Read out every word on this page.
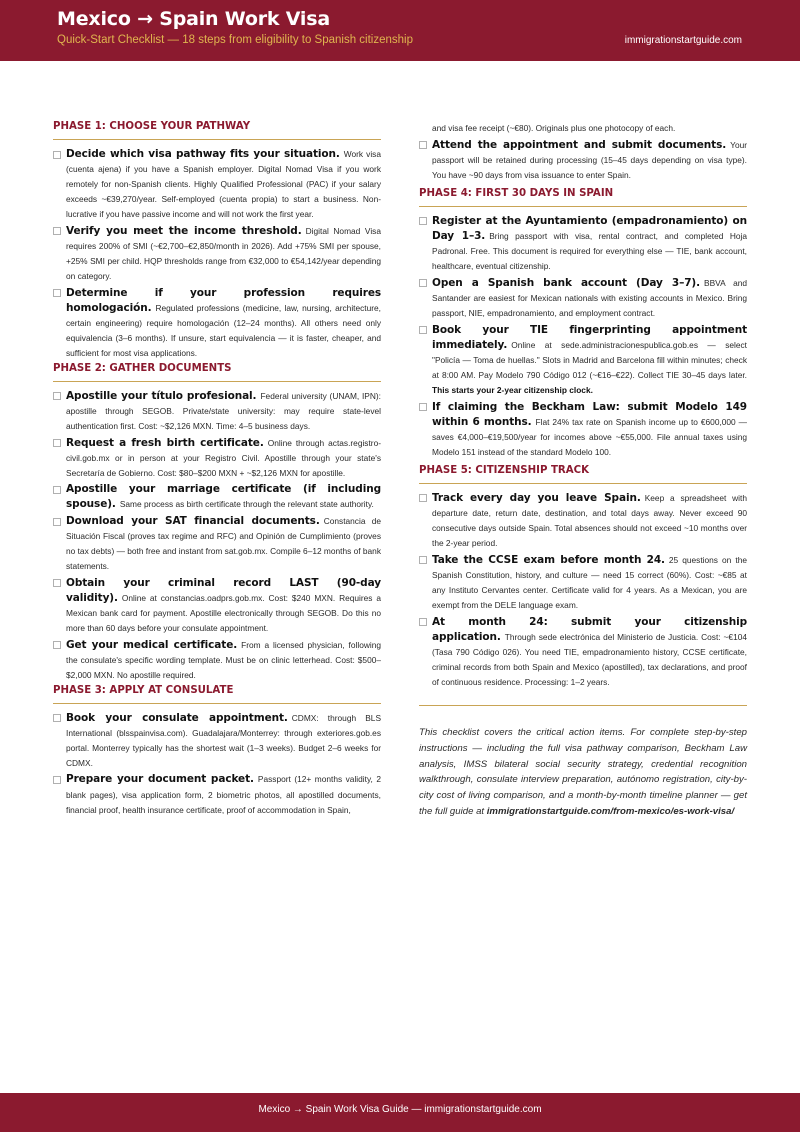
Mexico → Spain Work Visa
Quick-Start Checklist — 18 steps from eligibility to Spanish citizenship	immigrationstartguide.com
PHASE 1: CHOOSE YOUR PATHWAY
Decide which visa pathway fits your situation. Work visa (cuenta ajena) if you have a Spanish employer. Digital Nomad Visa if you work remotely for non-Spanish clients. Highly Qualified Professional (PAC) if your salary exceeds ~€39,270/year. Self-employed (cuenta propia) to start a business. Non-lucrative if you have passive income and will not work the first year.
Verify you meet the income threshold. Digital Nomad Visa requires 200% of SMI (~€2,700–€2,850/month in 2026). Add +75% SMI per spouse, +25% SMI per child. HQP thresholds range from €32,000 to €54,142/year depending on category.
Determine if your profession requires homologación. Regulated professions (medicine, law, nursing, architecture, certain engineering) require homologación (12–24 months). All others need only equivalencia (3–6 months). If unsure, start equivalencia — it is faster, cheaper, and sufficient for most visa applications.
PHASE 2: GATHER DOCUMENTS
Apostille your título profesional. Federal university (UNAM, IPN): apostille through SEGOB. Private/state university: may require state-level authentication first. Cost: ~$2,126 MXN. Time: 4–5 business days.
Request a fresh birth certificate. Online through actas.registro-civil.gob.mx or in person at your Registro Civil. Apostille through your state's Secretaría de Gobierno. Cost: $80–$200 MXN + ~$2,126 MXN for apostille.
Apostille your marriage certificate (if including spouse). Same process as birth certificate through the relevant state authority.
Download your SAT financial documents. Constancia de Situación Fiscal (proves tax regime and RFC) and Opinión de Cumplimiento (proves no tax debts) — both free and instant from sat.gob.mx. Compile 6–12 months of bank statements.
Obtain your criminal record LAST (90-day validity). Online at constancias.oadprs.gob.mx. Cost: $240 MXN. Requires a Mexican bank card for payment. Apostille electronically through SEGOB. Do this no more than 60 days before your consulate appointment.
Get your medical certificate. From a licensed physician, following the consulate's specific wording template. Must be on clinic letterhead. Cost: $500–$2,000 MXN. No apostille required.
PHASE 3: APPLY AT CONSULATE
Book your consulate appointment. CDMX: through BLS International (blsspainvisa.com). Guadalajara/Monterrey: through exteriores.gob.es portal. Monterrey typically has the shortest wait (1–3 weeks). Budget 2–6 weeks for CDMX.
Prepare your document packet. Passport (12+ months validity, 2 blank pages), visa application form, 2 biometric photos, all apostilled documents, financial proof, health insurance certificate, proof of accommodation in Spain,
and visa fee receipt (~€80). Originals plus one photocopy of each.
Attend the appointment and submit documents. Your passport will be retained during processing (15–45 days depending on visa type). You have ~90 days from visa issuance to enter Spain.
PHASE 4: FIRST 30 DAYS IN SPAIN
Register at the Ayuntamiento (empadronamiento) on Day 1–3. Bring passport with visa, rental contract, and completed Hoja Padronal. Free. This document is required for everything else — TIE, bank account, healthcare, eventual citizenship.
Open a Spanish bank account (Day 3–7). BBVA and Santander are easiest for Mexican nationals with existing accounts in Mexico. Bring passport, NIE, empadronamiento, and employment contract.
Book your TIE fingerprinting appointment immediately. Online at sede.administracionespublica.gob.es — select "Policía — Toma de huellas." Slots in Madrid and Barcelona fill within minutes; check at 8:00 AM. Pay Modelo 790 Código 012 (~€16–€22). Collect TIE 30–45 days later. This starts your 2-year citizenship clock.
If claiming the Beckham Law: submit Modelo 149 within 6 months. Flat 24% tax rate on Spanish income up to €600,000 — saves €4,000–€19,500/year for incomes above ~€55,000. File annual taxes using Modelo 151 instead of the standard Modelo 100.
PHASE 5: CITIZENSHIP TRACK
Track every day you leave Spain. Keep a spreadsheet with departure date, return date, destination, and total days away. Never exceed 90 consecutive days outside Spain. Total absences should not exceed ~10 months over the 2-year period.
Take the CCSE exam before month 24. 25 questions on the Spanish Constitution, history, and culture — need 15 correct (60%). Cost: ~€85 at any Instituto Cervantes center. Certificate valid for 4 years. As a Mexican, you are exempt from the DELE language exam.
At month 24: submit your citizenship application. Through sede electrónica del Ministerio de Justicia. Cost: ~€104 (Tasa 790 Código 026). You need TIE, empadronamiento history, CCSE certificate, criminal records from both Spain and Mexico (apostilled), tax declarations, and proof of continuous residence. Processing: 1–2 years.
This checklist covers the critical action items. For complete step-by-step instructions — including the full visa pathway comparison, Beckham Law analysis, IMSS bilateral social security strategy, credential recognition walkthrough, consulate interview preparation, autónomo registration, city-by-city cost of living comparison, and a month-by-month timeline planner — get the full guide at immigrationstartguide.com/from-mexico/es-work-visa/
Mexico → Spain Work Visa Guide — immigrationstartguide.com
